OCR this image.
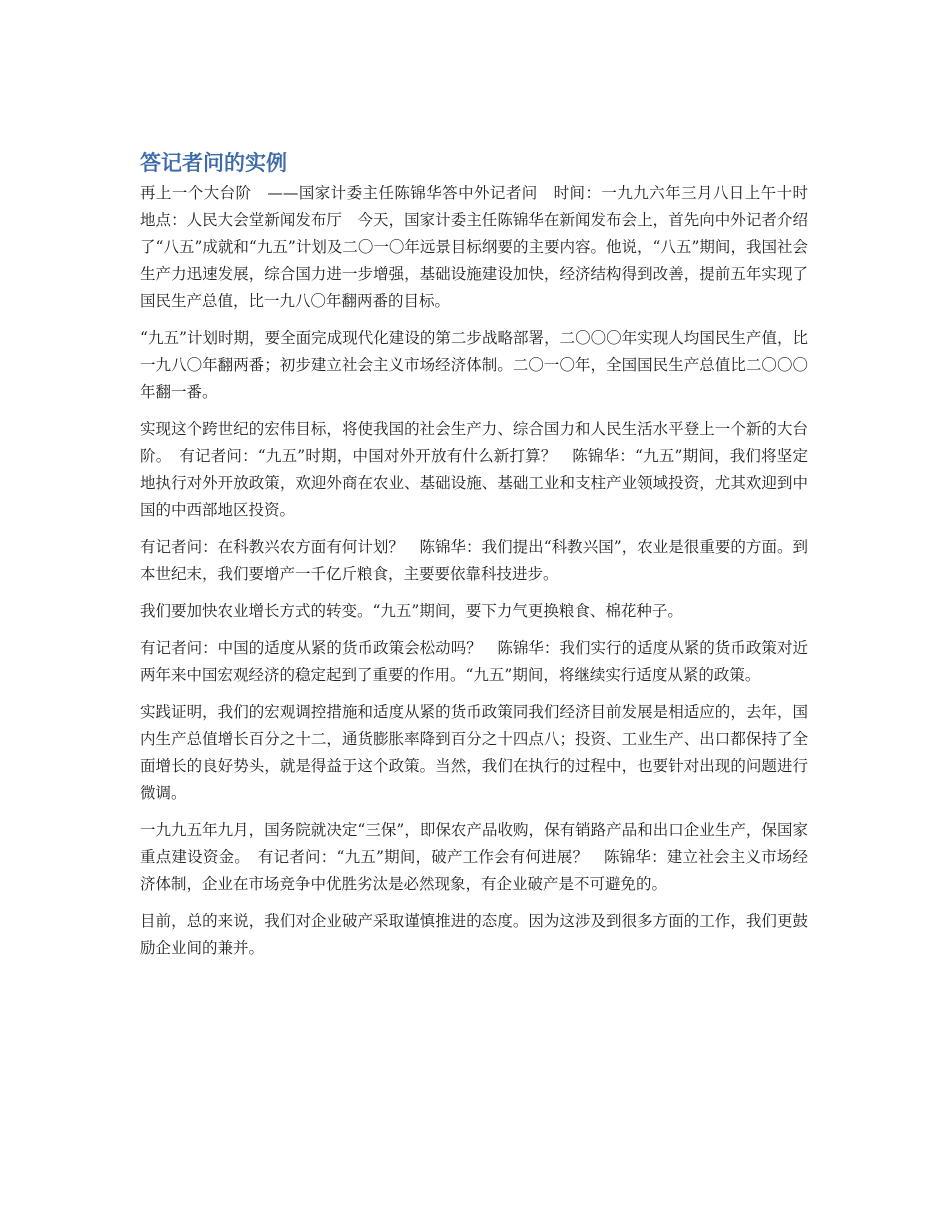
答记者问的实例

再上一个大台阶　——国家计委主任陈锦华答中外记者问　时间：一九九六年三月八日上午十时　地点：人民大会堂新闻发布厅　今天，国家计委主任陈锦华在新闻发布会上，首先向中外记者介绍了“八五”成就和“九五”计划及二〇一〇年远景目标纲要的主要内容。他说，“八五”期间，我国社会生产力迅速发展，综合国力进一步增强，基础设施建设加快，经济结构得到改善，提前五年实现了国民生产总值，比一九八〇年翻两番的目标。

“九五”计划时期，要全面完成现代化建设的第二步战略部署，二〇〇〇年实现人均国民生产值，比一九八〇年翻两番；初步建立社会主义市场经济体制。二〇一〇年，全国国民生产总值比二〇〇〇年翻一番。

实现这个跨世纪的宏伟目标，将使我国的社会生产力、综合国力和人民生活水平登上一个新的大台阶。　有记者问：“九五”时期，中国对外开放有什么新打算？　陈锦华：“九五”期间，我们将坚定地执行对外开放政策，欢迎外商在农业、基础设施、基础工业和支柱产业领域投资，尤其欢迎到中国的中西部地区投资。

有记者问：在科教兴农方面有何计划？　陈锦华：我们提出“科教兴国”，农业是很重要的方面。到本世纪末，我们要增产一千亿斤粮食，主要要依靠科技进步。

我们要加快农业增长方式的转变。“九五”期间，要下力气更换粮食、棉花种子。

有记者问：中国的适度从紧的货币政策会松动吗？　陈锦华：我们实行的适度从紧的货币政策对近两年来中国宏观经济的稳定起到了重要的作用。“九五”期间，将继续实行适度从紧的政策。

实践证明，我们的宏观调控措施和适度从紧的货币政策同我们经济目前发展是相适应的，去年，国内生产总值增长百分之十二，通货膨胀率降到百分之十四点八；投资、工业生产、出口都保持了全面增长的良好势头，就是得益于这个政策。当然，我们在执行的过程中，也要针对出现的问题进行微调。

一九九五年九月，国务院就决定“三保”，即保农产品收购，保有销路产品和出口企业生产，保国家重点建设资金。　有记者问：“九五”期间，破产工作会有何进展？　陈锦华：建立社会主义市场经济体制，企业在市场竞争中优胜劣汰是必然现象，有企业破产是不可避免的。

目前，总的来说，我们对企业破产采取谨慎推进的态度。因为这涉及到很多方面的工作，我们更鼓励企业间的兼并。
